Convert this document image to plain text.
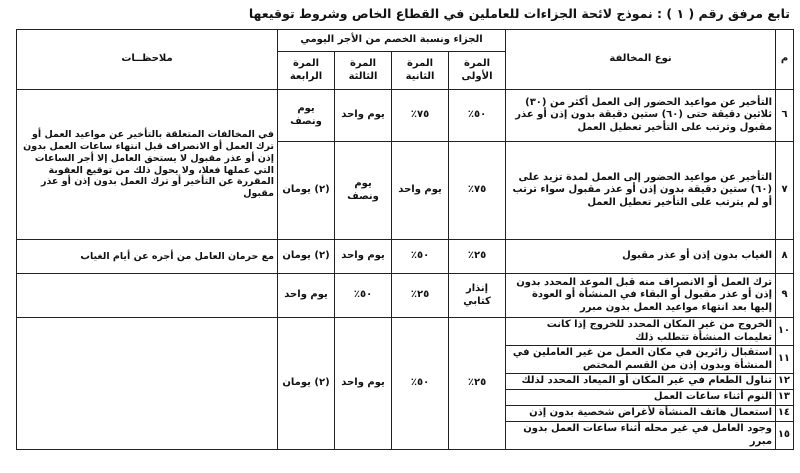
تابع مرفق رقم ( ١ ) : نموذج لائحة الجزاءات للعاملين في القطاع الخاص وشروط توقيعها
م	نوع المخالفة	الجزاء ونسبة الخصم من الأجر اليومي				ملاحظــات
		المرة الأولى	المرة الثانية	المرة الثالثة	المرة الرابعة	
٦	التأخير عن مواعيد الحضور إلى العمل أكثر من (٣٠) ثلاثين دقيقة حتى (٦٠) ستين دقيقة بدون إذن أو عذر مقبول وترتب على التأخير تعطيل العمل	٥٠٪	٧٥٪	يوم واحد	يوم ونصف	في المخالفات المتعلقة بالتأخير عن مواعيد العمل أو ترك العمل أو الانصراف قبل انتهاء ساعات العمل بدون إذن أو عذر مقبول لا يستحق العامل إلا أجر الساعات التي عملها فعلا، ولا يحول ذلك من توقيع العقوبة المقررة عن التأخير أو ترك العمل بدون إذن أو عذر مقبول
٧	التأخير عن مواعيد الحضور إلى العمل لمدة تزيد على (٦٠) ستين دقيقة بدون إذن أو عذر مقبول سواء ترتب أو لم يترتب على التأخير تعطيل العمل	٧٥٪	يوم واحد	يوم ونصف	(٢) يومان	
٨	الغياب بدون إذن أو عذر مقبول	٢٥٪	٥٠٪	يوم واحد	(٢) يومان	مع حرمان العامل من أجره عن أيام الغياب
٩	ترك العمل أو الانصراف منه قبل الموعد المحدد بدون إذن أو عذر مقبول أو البقاء في المنشأة أو العودة إليها بعد انتهاء مواعيد العمل بدون مبرر	إنذار كتابي	٢٥٪	٥٠٪	يوم واحد	
١٠	الخروج من غير المكان المحدد للخروج إذا كانت تعليمات المنشأة تتطلب ذلك	٢٥٪	٥٠٪	يوم واحد	(٢) يومان	
١١	استقبال زائرين في مكان العمل من غير العاملين في المنشأة وبدون إذن من القسم المختص					
١٢	تناول الطعام في غير المكان أو الميعاد المحدد لذلك					
١٣	النوم أثناء ساعات العمل					
١٤	استعمال هاتف المنشأة لأغراض شخصية بدون إذن					
١٥	وجود العامل في غير محله أثناء ساعات العمل بدون مبرر					
